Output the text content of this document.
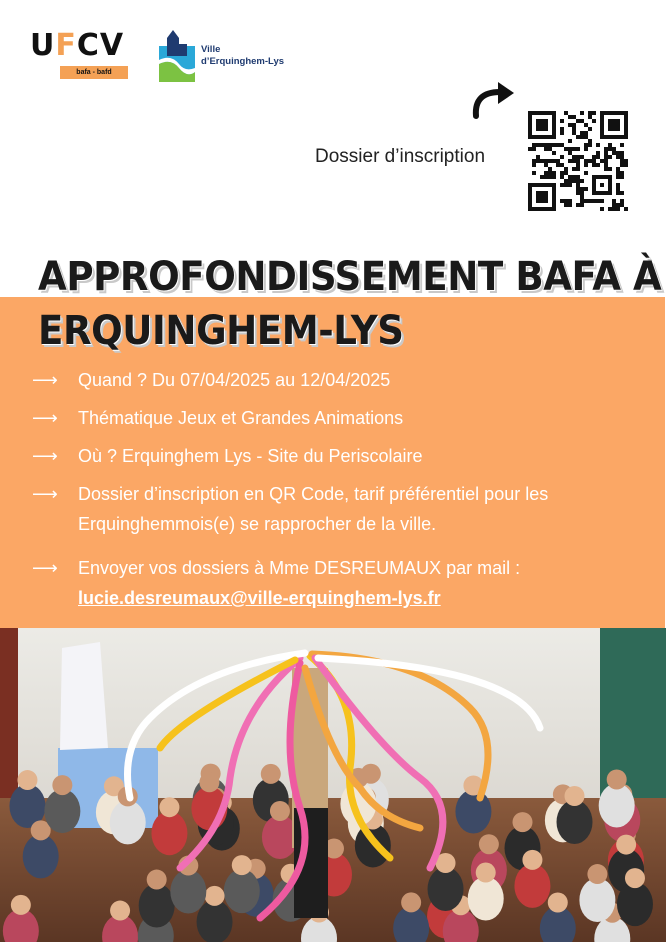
UFCV
bafa - bafd
Ville
d’Erquinghem-Lys
Dossier d’inscription
APPROFONDISSEMENT BAFA À
ERQUINGHEM-LYS
⟶	Quand ? Du 07/04/2025 au 12/04/2025
⟶	Thématique Jeux et Grandes Animations
⟶	Où ? Erquinghem Lys - Site du Periscolaire
⟶	Dossier d’inscription en QR Code, tarif préférentiel pour les Erquinghemmois(e) se rapprocher de la ville.
⟶	Envoyer vos dossiers à Mme DESREUMAUX par mail :
lucie.desreumaux@ville-erquinghem-lys.fr
